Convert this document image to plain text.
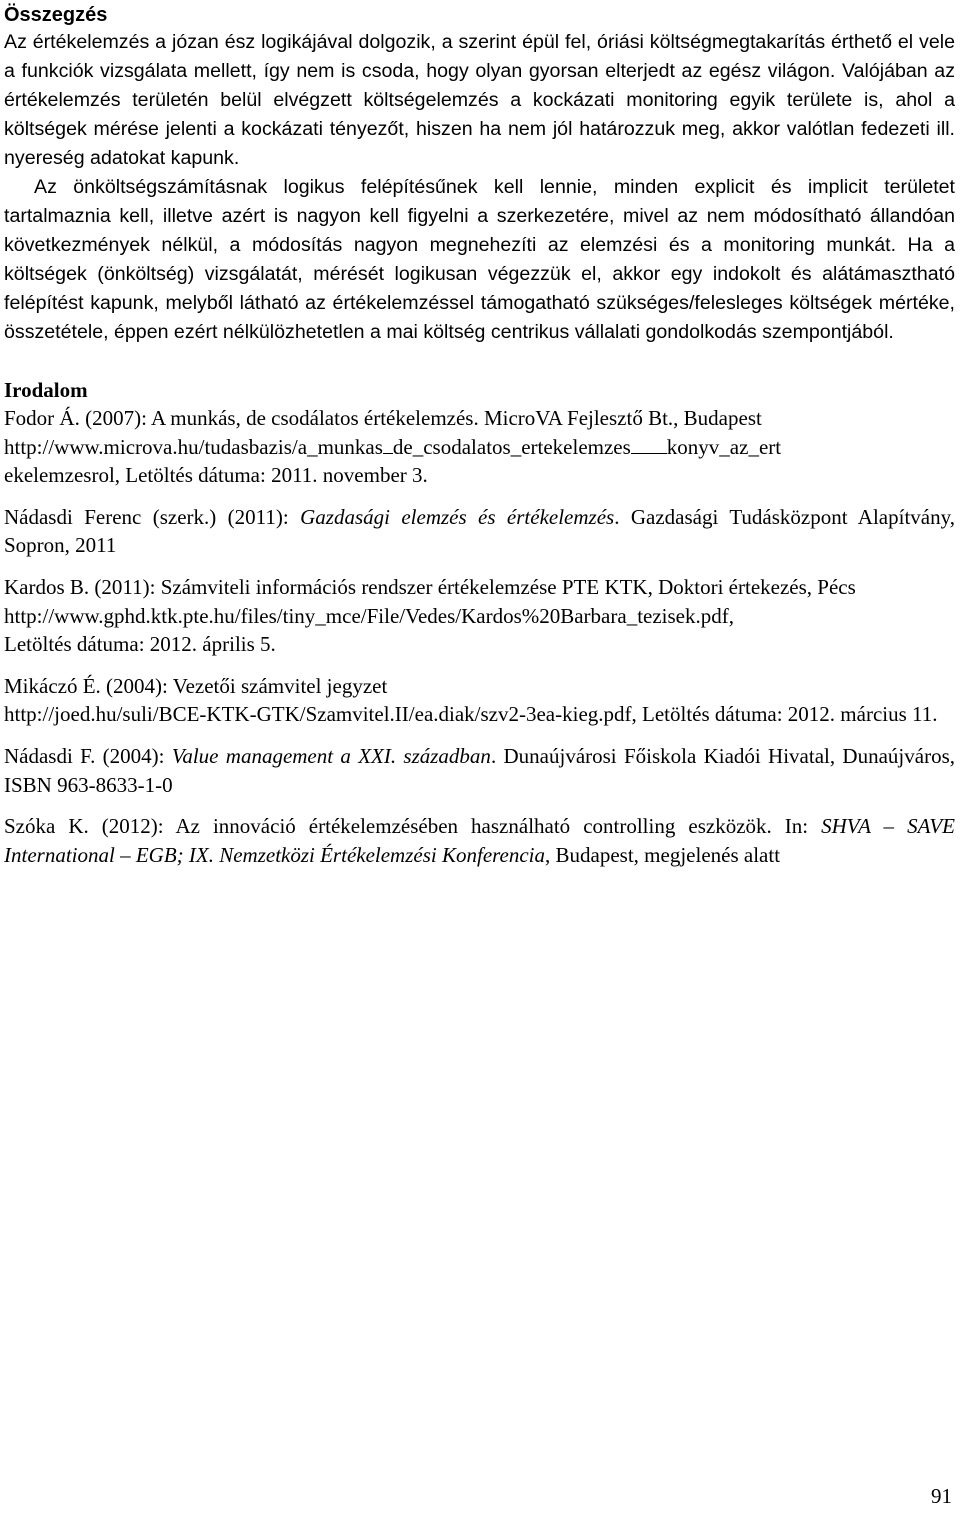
Összegzés

Az értékelemzés a józan ész logikájával dolgozik, a szerint épül fel, óriási költségmegtakarítás érthető el vele a funkciók vizsgálata mellett, így nem is csoda, hogy olyan gyorsan elterjedt az egész világon. Valójában az értékelemzés területén belül elvégzett költségelemzés a kockázati monitoring egyik területe is, ahol a költségek mérése jelenti a kockázati tényezőt, hiszen ha nem jól határozzuk meg, akkor valótlan fedezeti ill. nyereség adatokat kapunk.

Az önköltségszámításnak logikus felépítésűnek kell lennie, minden explicit és implicit területet tartalmaznia kell, illetve azért is nagyon kell figyelni a szerkezetére, mivel az nem módosítható állandóan következmények nélkül, a módosítás nagyon megnehezíti az elemzési és a monitoring munkát. Ha a költségek (önköltség) vizsgálatát, mérését logikusan végezzük el, akkor egy indokolt és alátámasztható felépítést kapunk, melyből látható az értékelemzéssel támogatható szükséges/felesleges költségek mértéke, összetétele, éppen ezért nélkülözhetetlen a mai költség centrikus vállalati gondolkodás szempontjából.

Irodalom
Fodor Á. (2007): A munkás, de csodálatos értékelemzés. MicroVA Fejlesztő Bt., Budapest
http://www.microva.hu/tudasbazis/a_munkas de_csodalatos_ertekelemzes konyv_az_ert
ekelemzesrol, Letöltés dátuma: 2011. november 3.
Nádasdi Ferenc (szerk.) (2011): Gazdasági elemzés és értékelemzés. Gazdasági Tudásközpont Alapítvány, Sopron, 2011
Kardos B. (2011): Számviteli információs rendszer értékelemzése PTE KTK, Doktori értekezés, Pécs
http://www.gphd.ktk.pte.hu/files/tiny_mce/File/Vedes/Kardos%20Barbara_tezisek.pdf,
Letöltés dátuma: 2012. április 5.
Mikáczó É. (2004): Vezetői számvitel jegyzet
http://joed.hu/suli/BCE-KTK-GTK/Szamvitel.II/ea.diak/szv2-3ea-kieg.pdf, Letöltés dátuma: 2012. március 11.
Nádasdi F. (2004): Value management a XXI. században. Dunaújvárosi Főiskola Kiadói Hivatal, Dunaújváros, ISBN 963-8633-1-0
Szóka K. (2012): Az innováció értékelemzésében használható controlling eszközök. In: SHVA – SAVE International – EGB; IX. Nemzetközi Értékelemzési Konferencia, Budapest, megjelenés alatt
91
